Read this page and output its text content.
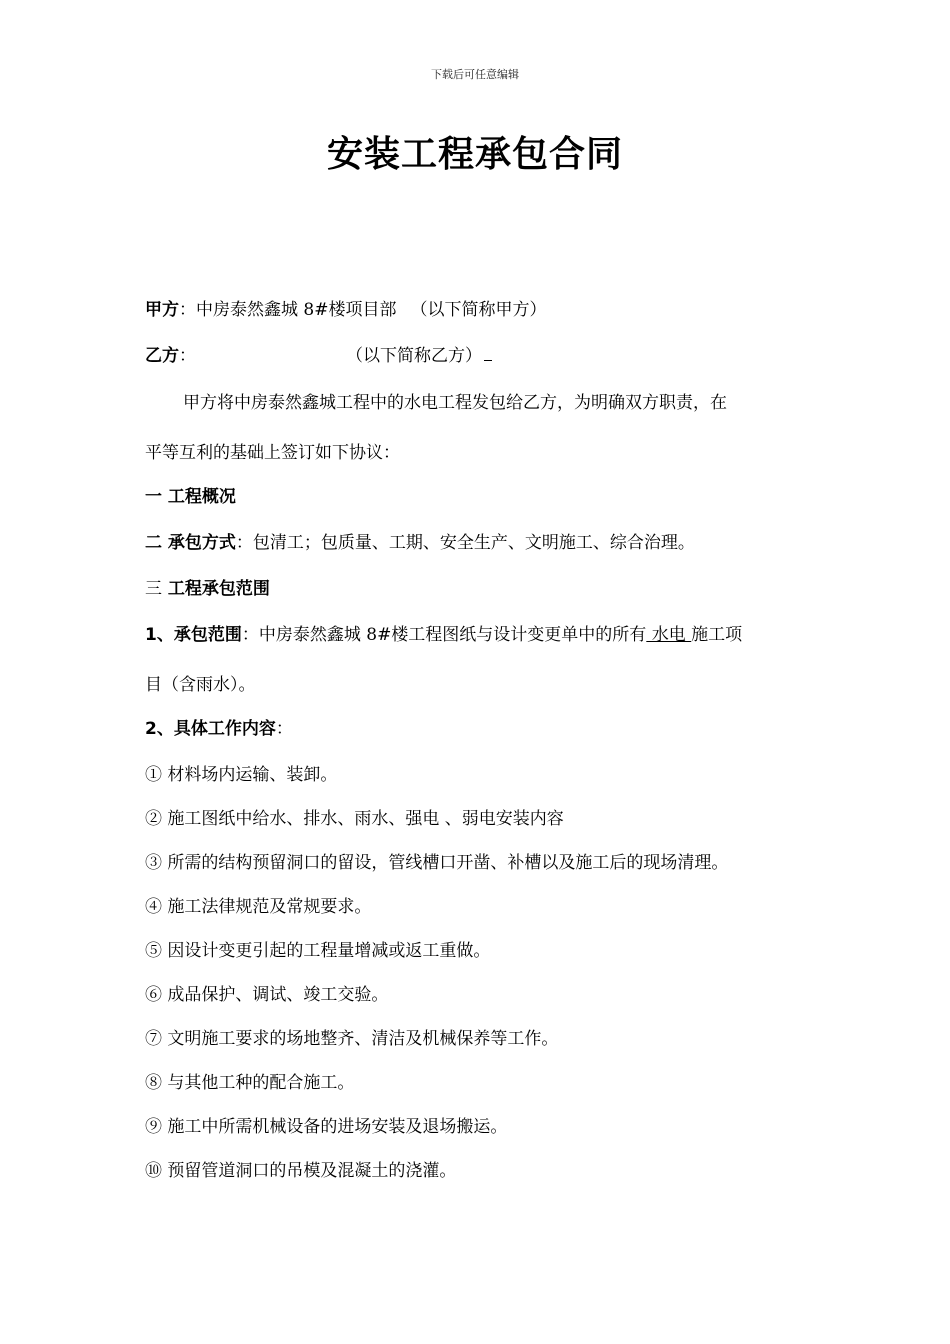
下载后可任意编辑
安装工程承包合同
甲方：中房泰然鑫城 8#楼项目部 （以下简称甲方）
乙方：	（以下简称乙方）
甲方将中房泰然鑫城工程中的水电工程发包给乙方，为明确双方职责，在
平等互利的基础上签订如下协议：
一 工程概况
二 承包方式：包清工；包质量、工期、安全生产、文明施工、综合治理。
三 工程承包范围
1、承包范围：中房泰然鑫城 8#楼工程图纸与设计变更单中的所有 水电 施工项
目（含雨水）。
2、具体工作内容：
① 材料场内运输、装卸。
② 施工图纸中给水、排水、雨水、强电 、弱电安装内容
③ 所需的结构预留洞口的留设，管线槽口开凿、补槽以及施工后的现场清理。
④ 施工法律规范及常规要求。
⑤ 因设计变更引起的工程量增减或返工重做。
⑥ 成品保护、调试、竣工交验。
⑦ 文明施工要求的场地整齐、清洁及机械保养等工作。
⑧ 与其他工种的配合施工。
⑨ 施工中所需机械设备的进场安装及退场搬运。
⑩ 预留管道洞口的吊模及混凝土的浇灌。
